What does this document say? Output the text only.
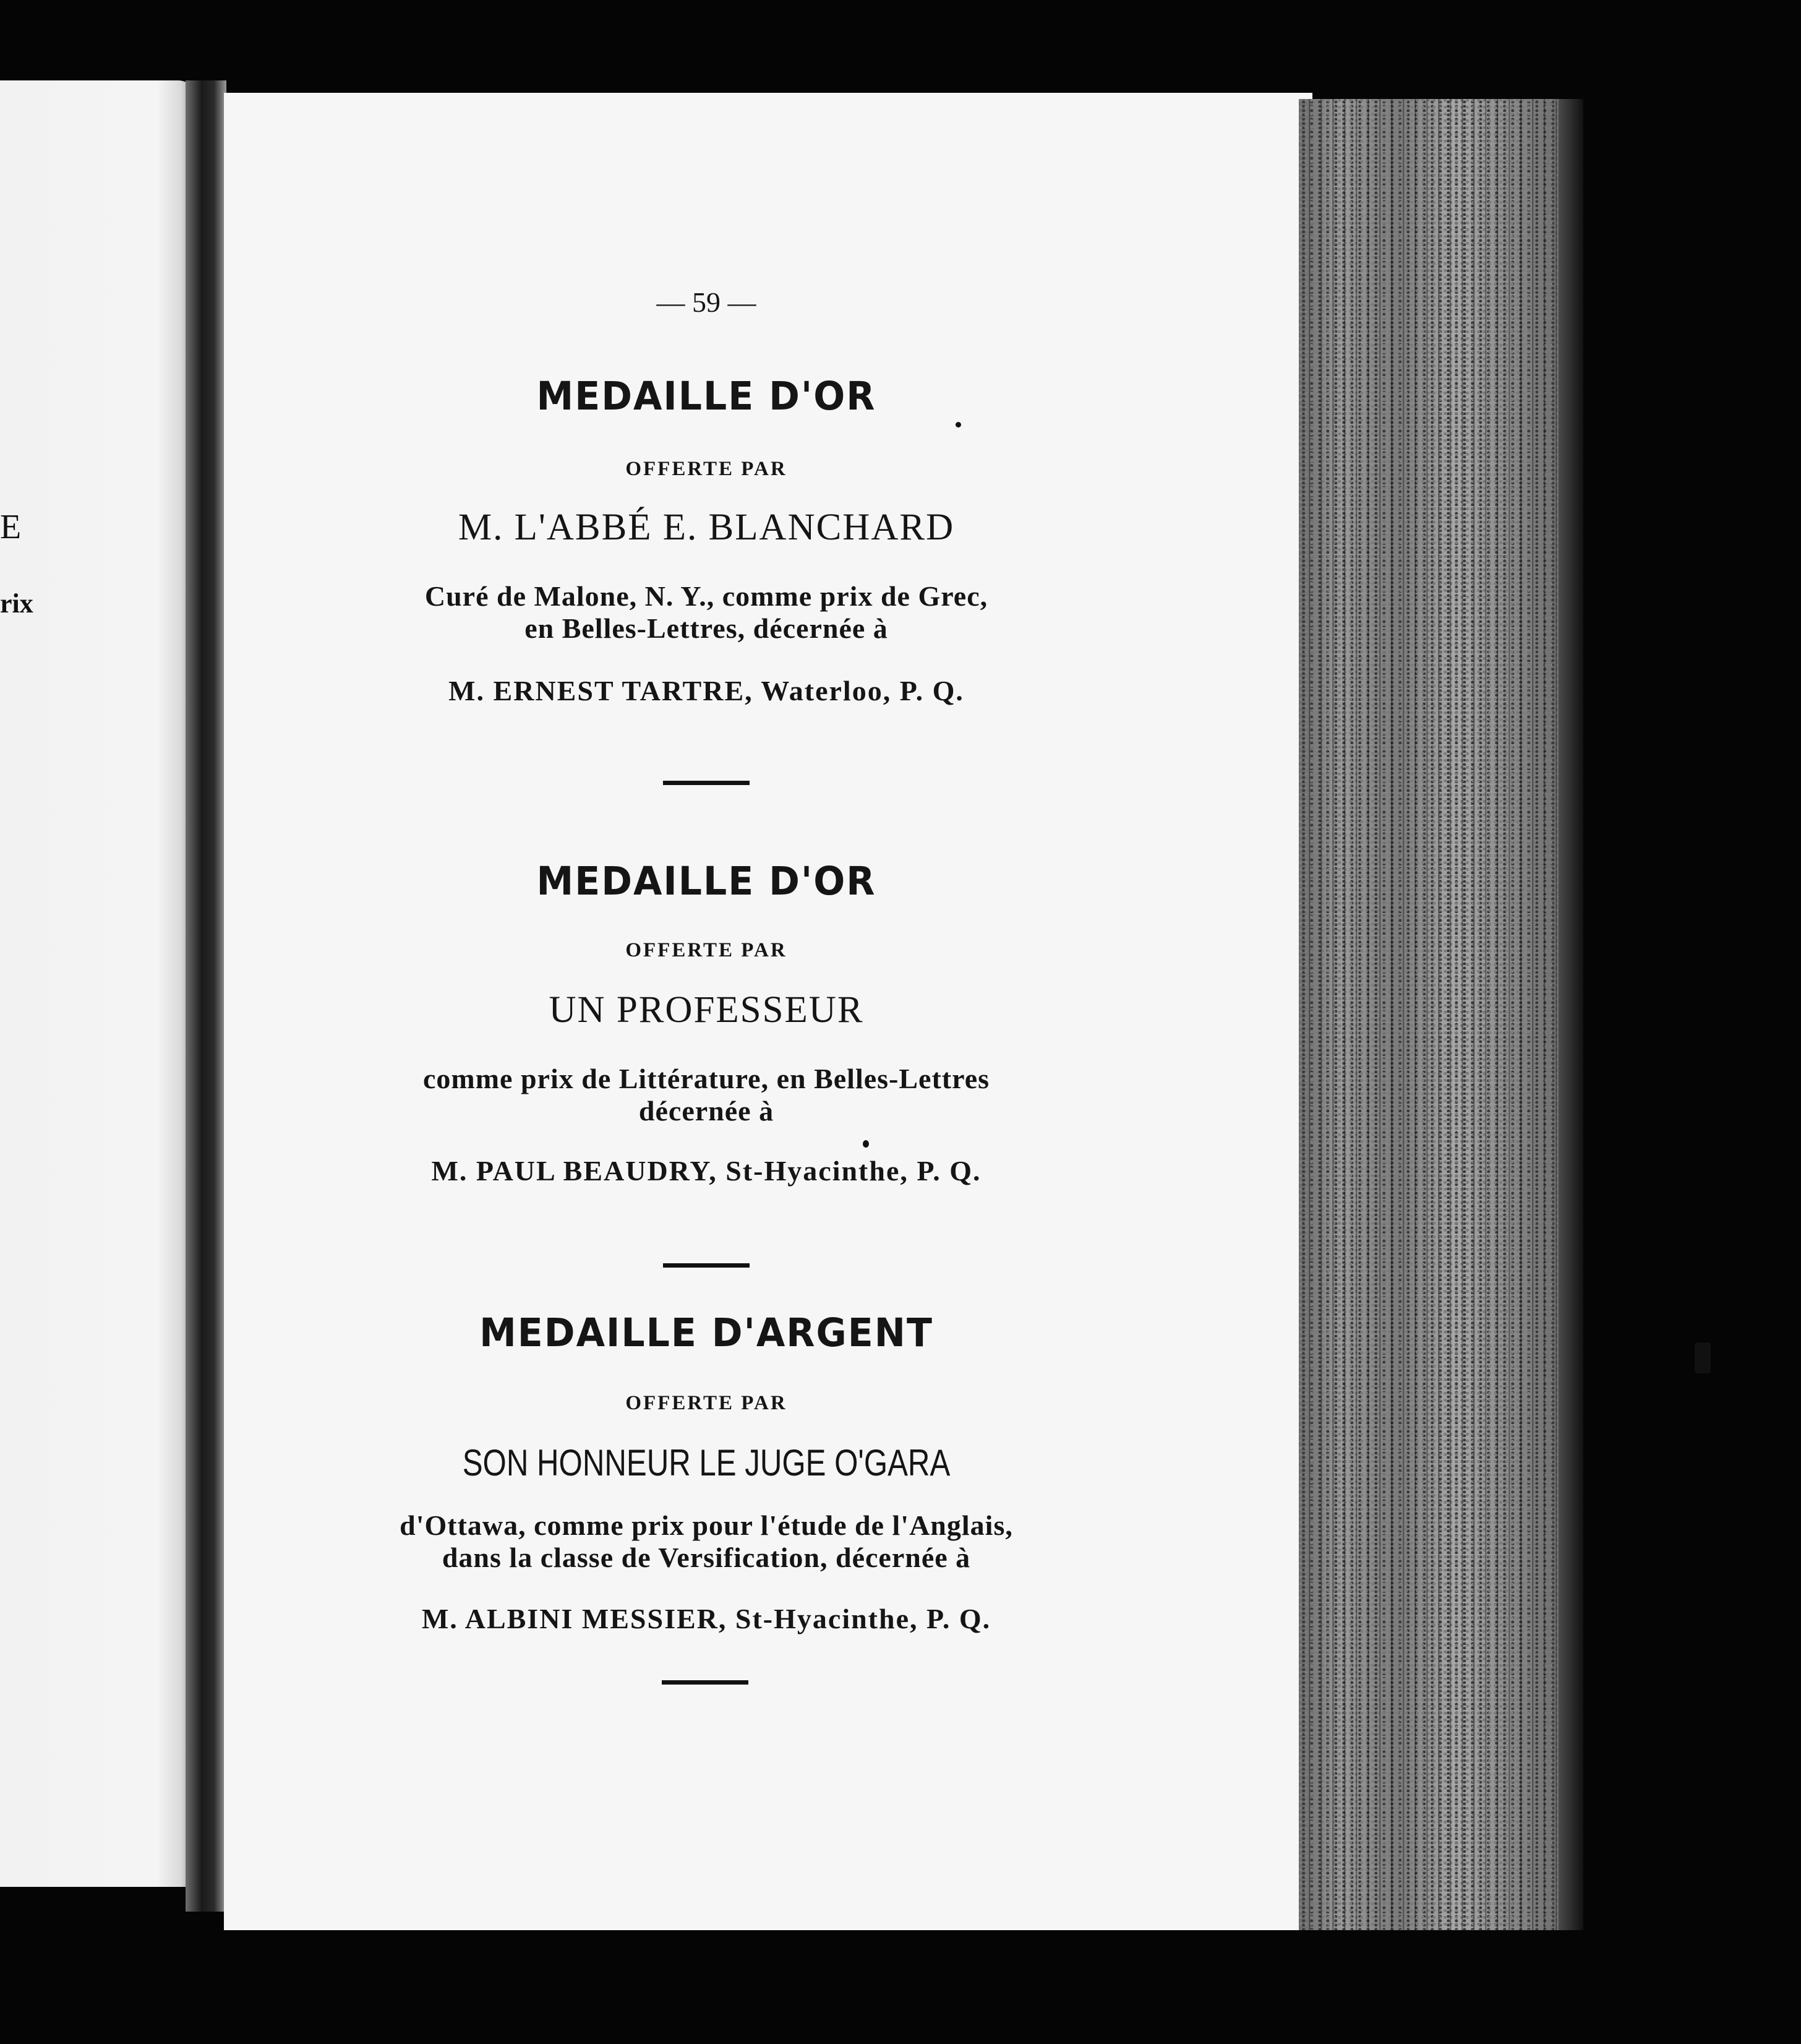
E
rix
— 59 —
MEDAILLE D'OR
OFFERTE PAR
M. L'ABBÉ E. BLANCHARD
Curé de Malone, N. Y., comme prix de Grec,
en Belles-Lettres, décernée à
M. ERNEST TARTRE, Waterloo, P. Q.
MEDAILLE D'OR
OFFERTE PAR
UN PROFESSEUR
comme prix de Littérature, en Belles-Lettres
décernée à
M. PAUL BEAUDRY, St-Hyacinthe, P. Q.
MEDAILLE D'ARGENT
OFFERTE PAR
SON HONNEUR LE JUGE O'GARA
d'Ottawa, comme prix pour l'étude de l'Anglais,
dans la classe de Versification, décernée à
M. ALBINI MESSIER, St-Hyacinthe, P. Q.
